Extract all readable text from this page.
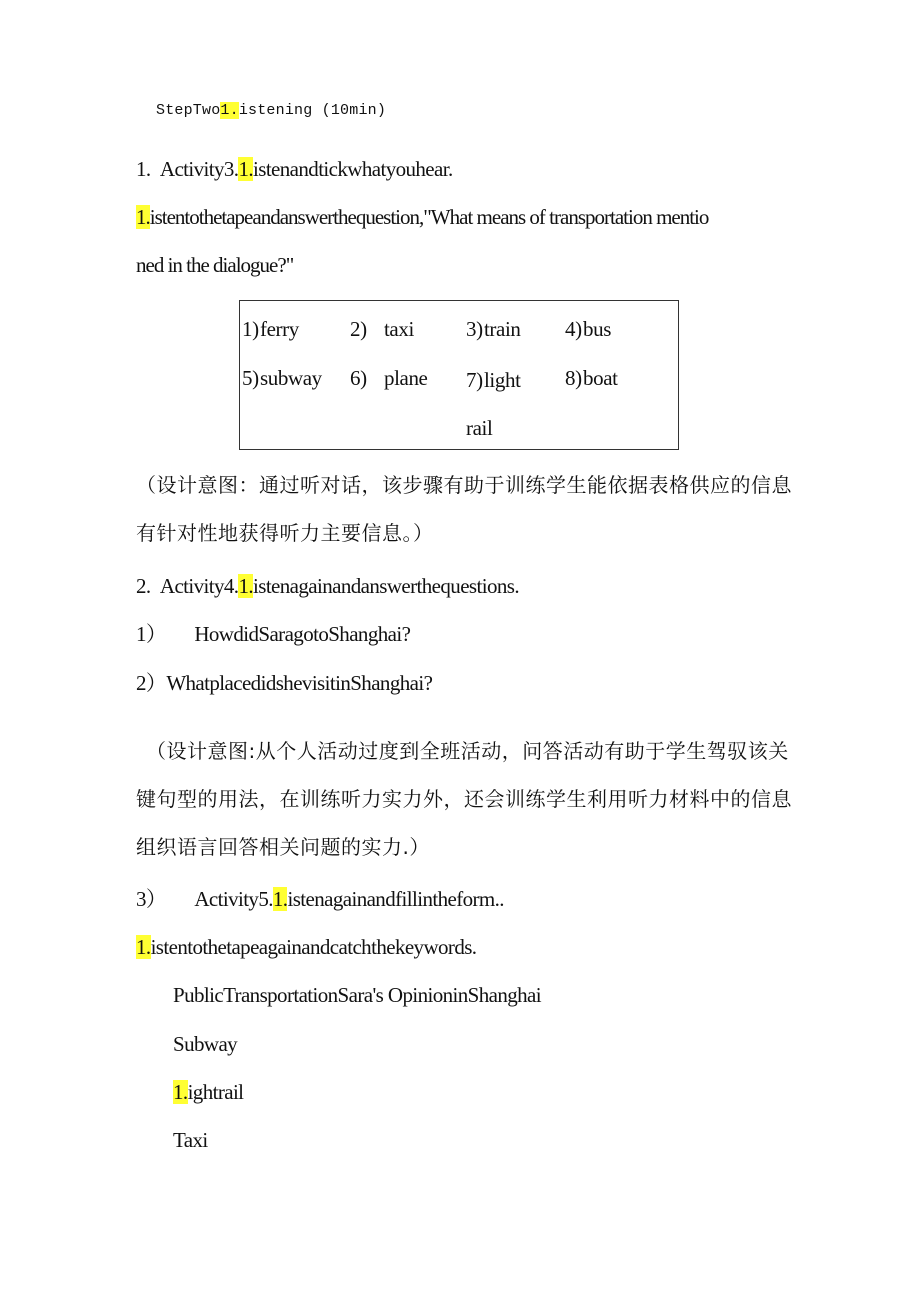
StepTwo1.istening (10min)
1. Activity3.1.istenandtickwhatyouhear.
1.istentothetapeandanswerthequestion,"What means of transportation mentio
ned in the dialogue?"
1) ferry 2) taxi 3) train 4) bus
5) subway 6) plane 7) light 8) boat
rail
（设计意图：通过听对话，该步骤有助于训练学生能依据表格供应的信息
有针对性地获得听力主要信息。）
2. Activity4.1.istenagainandanswerthequestions.
1） HowdidSaragotoShanghai?
2）WhatplacedidshevisitinShanghai?
（设计意图:从个人活动过度到全班活动，问答活动有助于学生驾驭该关
键句型的用法，在训练听力实力外，还会训练学生利用听力材料中的信息
组织语言回答相关问题的实力.）
3） Activity5.1.istenagainandfillintheform..
1.istentothetapeagainandcatchthekeywords.
PublicTransportationSara's OpinioninShanghai
Subway
1.ightrail
Taxi
